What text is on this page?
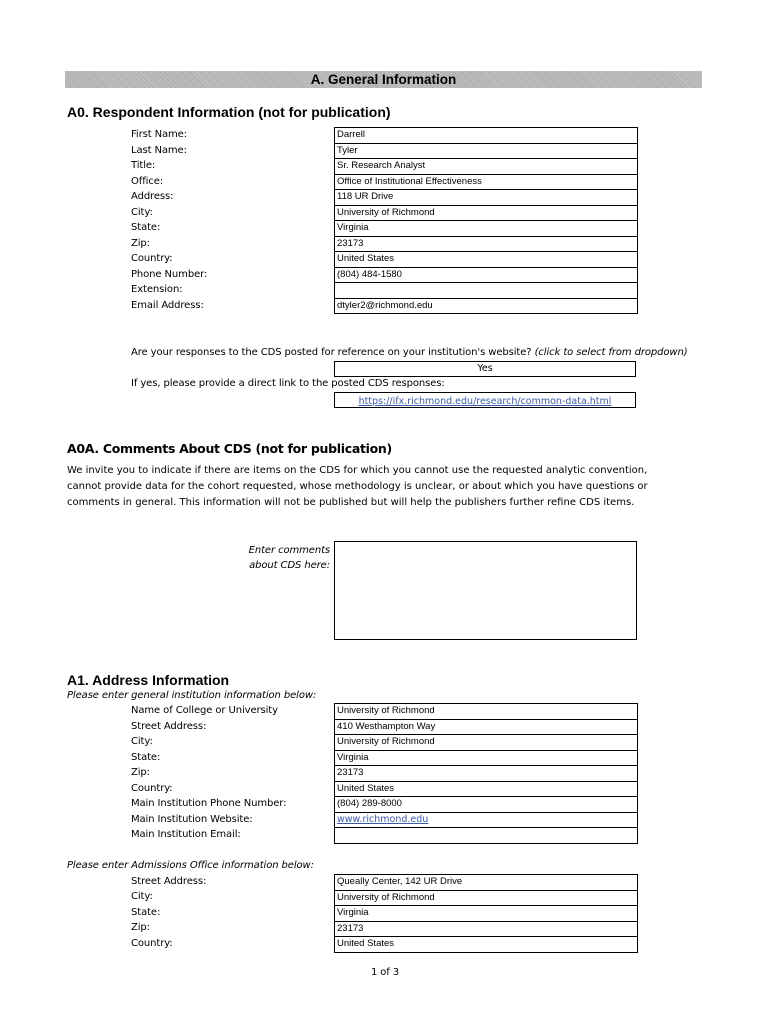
A. General Information
A0. Respondent Information (not for publication)
First Name:
Last Name:
Title:
Office:
Address:
City:
State:
Zip:
Country:
Phone Number:
Extension:
Email Address:
Darrell
Tyler
Sr. Research Analyst
Office of Institutional Effectiveness
118 UR Drive
University of Richmond
Virginia
23173
United States
(804) 484-1580
dtyler2@richmond.edu
Are your responses to the CDS posted for reference on your institution's website? (click to select from dropdown)
Yes
If yes, please provide a direct link to the posted CDS responses:
https://ifx.richmond.edu/research/common-data.html
A0A. Comments About CDS (not for publication)
We invite you to indicate if there are items on the CDS for which you cannot use the requested analytic convention,
cannot provide data for the cohort requested, whose methodology is unclear, or about which you have questions or
comments in general. This information will not be published but will help the publishers further refine CDS items.
Enter comments
about CDS here:
A1. Address Information
Please enter general institution information below:
Name of College or University
Street Address:
City:
State:
Zip:
Country:
Main Institution Phone Number:
Main Institution Website:
Main Institution Email:
University of Richmond
410 Westhampton Way
University of Richmond
Virginia
23173
United States
(804) 289-8000
www.richmond.edu
Please enter Admissions Office information below:
Street Address:
City:
State:
Zip:
Country:
Queally Center, 142 UR Drive
University of Richmond
Virginia
23173
United States
1 of 3
